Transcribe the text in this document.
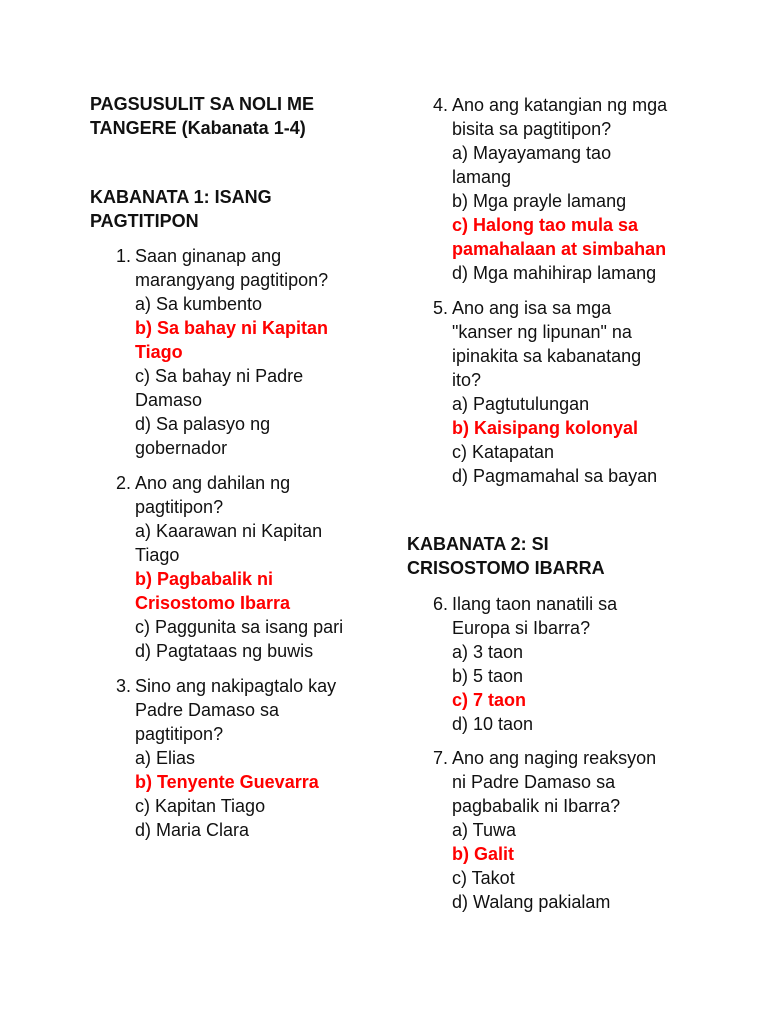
PAGSUSULIT SA NOLI ME
TANGERE (Kabanata 1-4)
KABANATA 1: ISANG
PAGTITIPON
1. Saan ginanap ang
marangyang pagtitipon?
a) Sa kumbento
b) Sa bahay ni Kapitan
Tiago
c) Sa bahay ni Padre
Damaso
d) Sa palasyo ng
gobernador
2. Ano ang dahilan ng
pagtitipon?
a) Kaarawan ni Kapitan
Tiago
b) Pagbabalik ni
Crisostomo Ibarra
c) Paggunita sa isang pari
d) Pagtataas ng buwis
3. Sino ang nakipagtalo kay
Padre Damaso sa
pagtitipon?
a) Elias
b) Tenyente Guevarra
c) Kapitan Tiago
d) Maria Clara
4. Ano ang katangian ng mga
bisita sa pagtitipon?
a) Mayayamang tao
lamang
b) Mga prayle lamang
c) Halong tao mula sa
pamahalaan at simbahan
d) Mga mahihirap lamang
5. Ano ang isa sa mga
"kanser ng lipunan" na
ipinakita sa kabanatang
ito?
a) Pagtutulungan
b) Kaisipang kolonyal
c) Katapatan
d) Pagmamahal sa bayan
KABANATA 2: SI
CRISOSTOMO IBARRA
6. Ilang taon nanatili sa
Europa si Ibarra?
a) 3 taon
b) 5 taon
c) 7 taon
d) 10 taon
7. Ano ang naging reaksyon
ni Padre Damaso sa
pagbabalik ni Ibarra?
a) Tuwa
b) Galit
c) Takot
d) Walang pakialam
